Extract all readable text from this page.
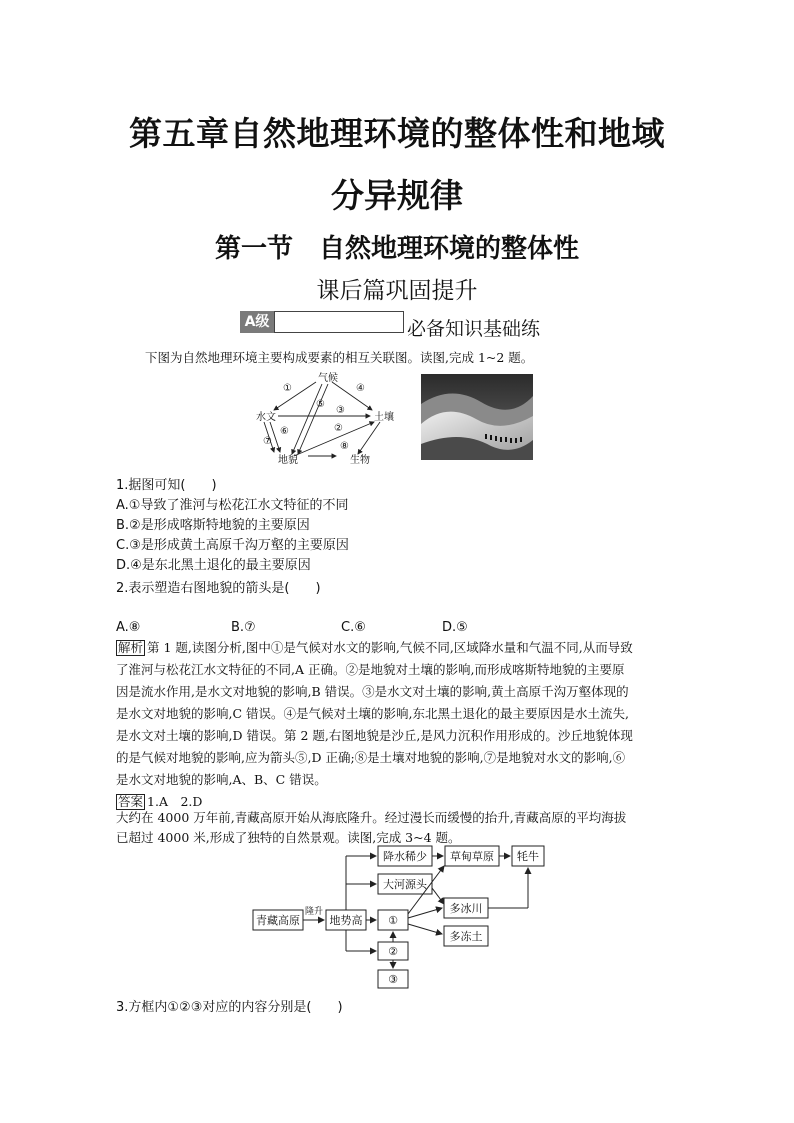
第五章自然地理环境的整体性和地域
分异规律
第一节　自然地理环境的整体性
课后篇巩固提升
A级	必备知识基础练
下图为自然地理环境主要构成要素的相互关联图。读图,完成 1~2 题。
气候
水文	土壤
地貌	生物
①
②
③
④
⑤
⑥
⑦	⑧
1.据图可知(　　)
A.①导致了淮河与松花江水文特征的不同
B.②是形成喀斯特地貌的主要原因
C.③是形成黄土高原千沟万壑的主要原因
D.④是东北黑土退化的最主要原因
2.表示塑造右图地貌的箭头是(　　)
A.⑧	B.⑦	C.⑥	D.⑤
解析 第 1 题,读图分析,图中①是气候对水文的影响,气候不同,区域降水量和气温不同,从而导致
了淮河与松花江水文特征的不同,A 正确。②是地貌对土壤的影响,而形成喀斯特地貌的主要原
因是流水作用,是水文对地貌的影响,B 错误。③是水文对土壤的影响,黄土高原千沟万壑体现的
是水文对地貌的影响,C 错误。④是气候对土壤的影响,东北黑土退化的最主要原因是水土流失,
是水文对土壤的影响,D 错误。第 2 题,右图地貌是沙丘,是风力沉积作用形成的。沙丘地貌体现
的是气候对地貌的影响,应为箭头⑤,D 正确;⑧是土壤对地貌的影响,⑦是地貌对水文的影响,⑥
是水文对地貌的影响,A、B、C 错误。
答案 1.A　2.D
大约在 4000 万年前,青藏高原开始从海底隆升。经过漫长而缓慢的抬升,青藏高原的平均海拔
已超过 4000 米,形成了独特的自然景观。读图,完成 3~4 题。
青藏高原
隆升
地势高
降水稀少 草甸草原 牦牛
大河源头
多冰川
①
多冻土
②
③
3.方框内①②③对应的内容分别是(　　)
